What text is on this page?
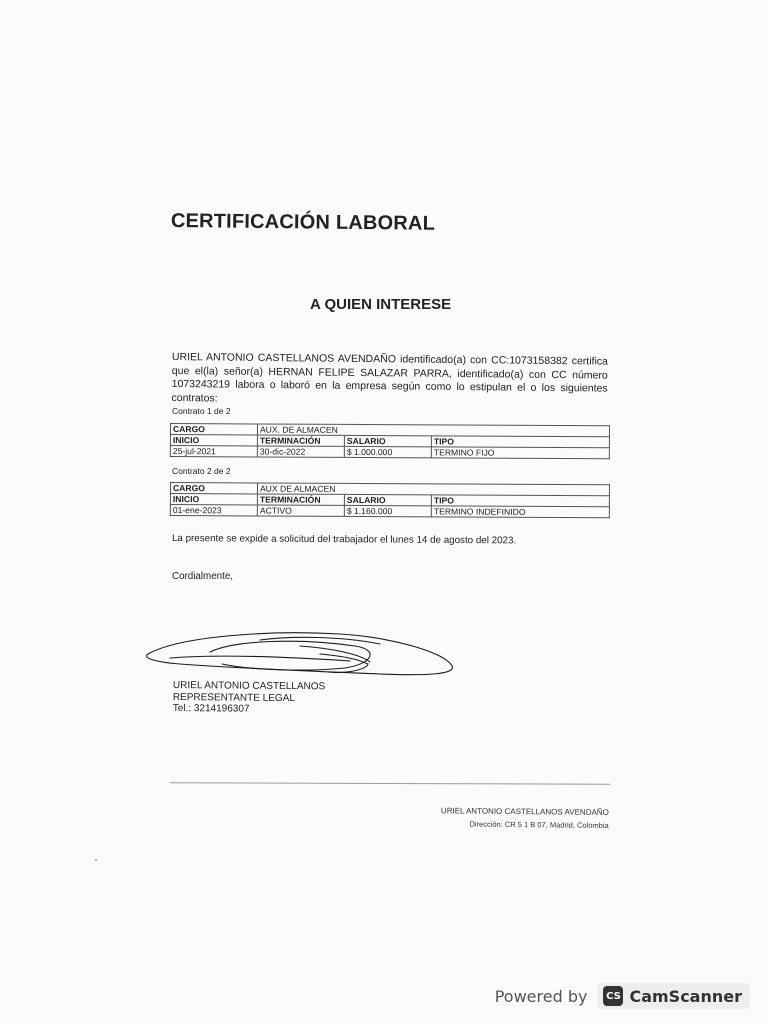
CERTIFICACIÓN LABORAL
A QUIEN INTERESE
URIEL ANTONIO CASTELLANOS AVENDAÑO identificado(a) con CC:1073158382 certifica que el(la) señor(a) HERNAN FELIPE SALAZAR PARRA, identificado(a) con CC número 1073243219 labora o laboró en la empresa según como lo estipulan el o los siguientes contratos:
Contrato 1 de 2
CARGO	AUX. DE ALMACEN		
INICIO	TERMINACIÓN	SALARIO	TIPO
25-jul-2021	30-dic-2022	$ 1.000.000	TERMINO FIJO
Contrato 2 de 2
CARGO	AUX DE ALMACEN		
INICIO	TERMINACIÓN	SALARIO	TIPO
01-ene-2023	ACTIVO	$ 1.160.000	TERMINO INDEFINIDO
La presente se expide a solicitud del trabajador el lunes 14 de agosto del 2023.
Cordialmente,
URIEL ANTONIO CASTELLANOS
REPRESENTANTE LEGAL
Tel.: 3214196307
URIEL ANTONIO CASTELLANOS AVENDAÑO
Dirección: CR 5 1 B 07, Madrid, Colombia
Powered by CS CamScanner
